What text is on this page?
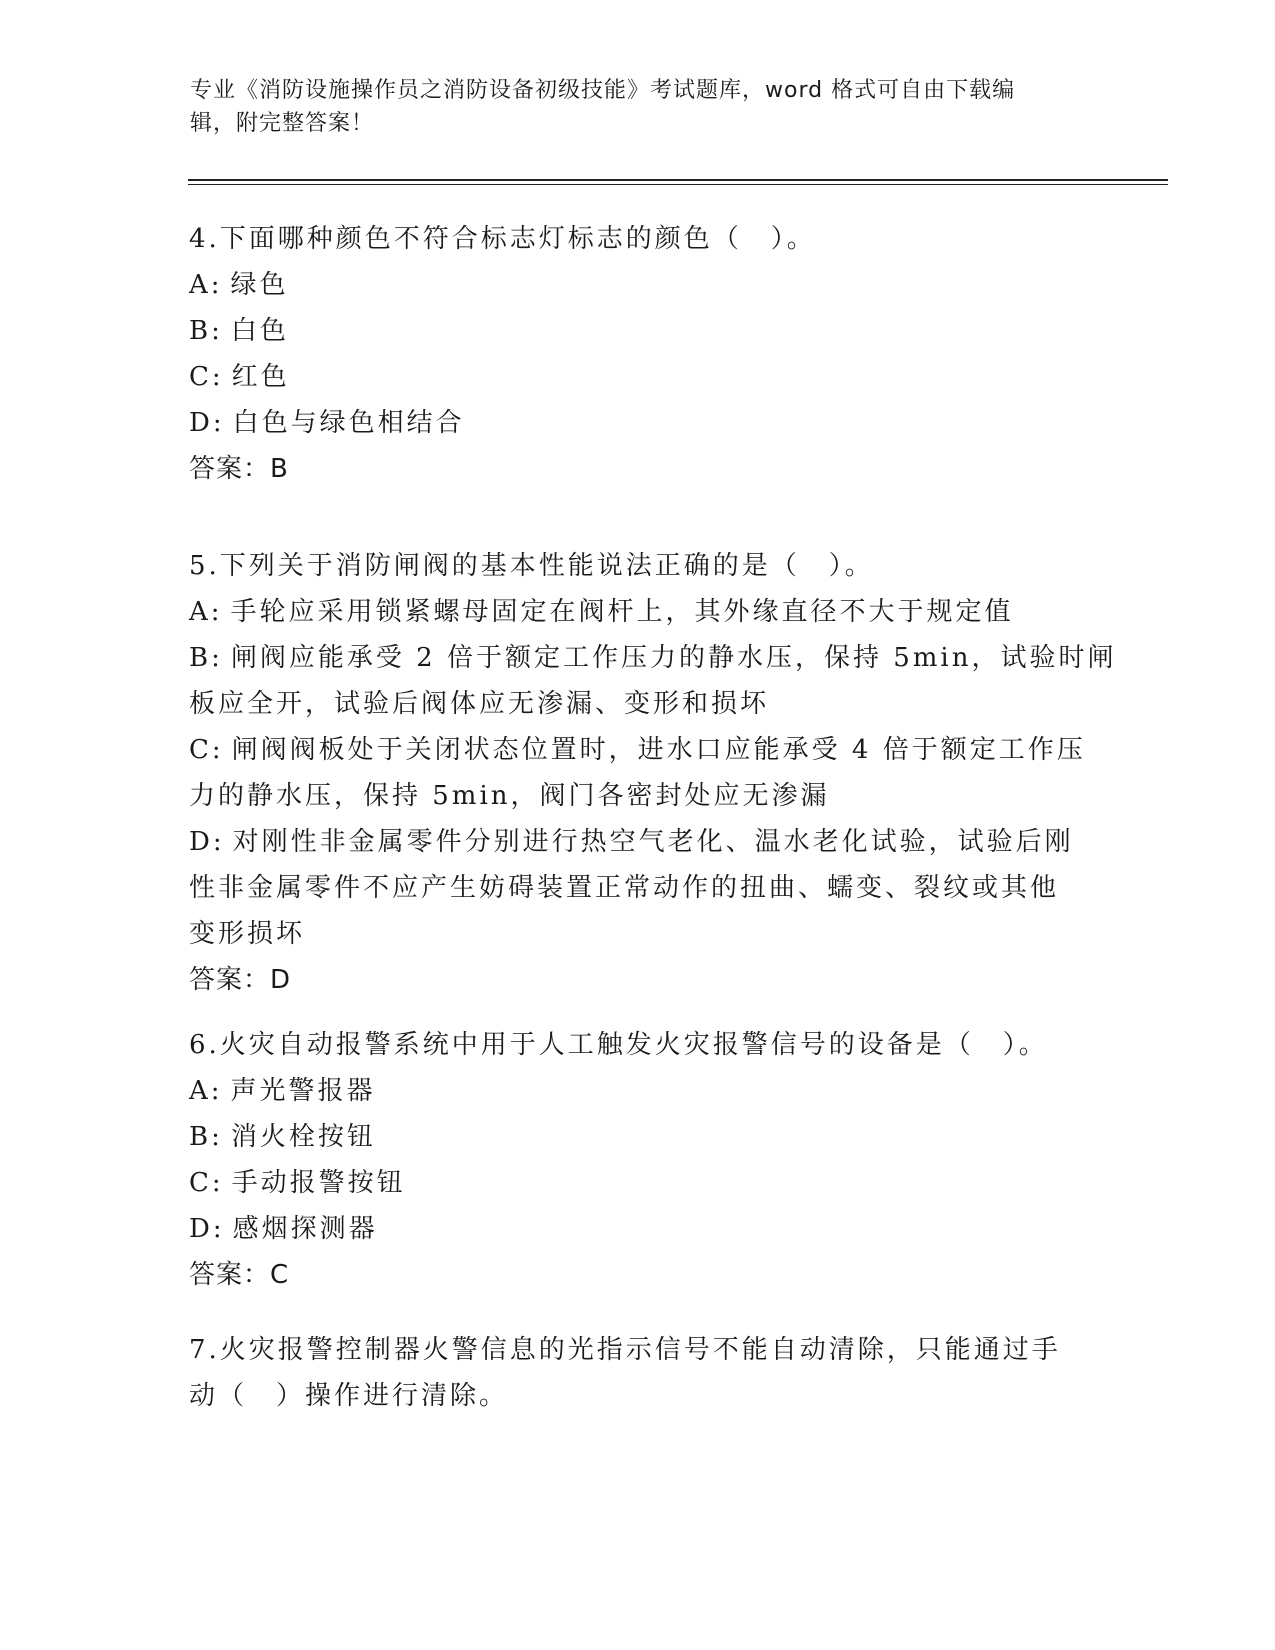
专业《消防设施操作员之消防设备初级技能》考试题库，word 格式可自由下载编
辑，附完整答案！
4.下面哪种颜色不符合标志灯标志的颜色（　）。
A: 绿色
B: 白色
C: 红色
D: 白色与绿色相结合
答案：B
5.下列关于消防闸阀的基本性能说法正确的是（　）。
A: 手轮应采用锁紧螺母固定在阀杆上，其外缘直径不大于规定值
B: 闸阀应能承受 2 倍于额定工作压力的静水压，保持 5min，试验时闸
板应全开，试验后阀体应无渗漏、变形和损坏
C: 闸阀阀板处于关闭状态位置时，进水口应能承受 4 倍于额定工作压
力的静水压，保持 5min，阀门各密封处应无渗漏
D: 对刚性非金属零件分别进行热空气老化、温水老化试验，试验后刚
性非金属零件不应产生妨碍装置正常动作的扭曲、蠕变、裂纹或其他
变形损坏
答案：D
6.火灾自动报警系统中用于人工触发火灾报警信号的设备是（　）。
A: 声光警报器
B: 消火栓按钮
C: 手动报警按钮
D: 感烟探测器
答案：C
7.火灾报警控制器火警信息的光指示信号不能自动清除，只能通过手
动（　）操作进行清除。
